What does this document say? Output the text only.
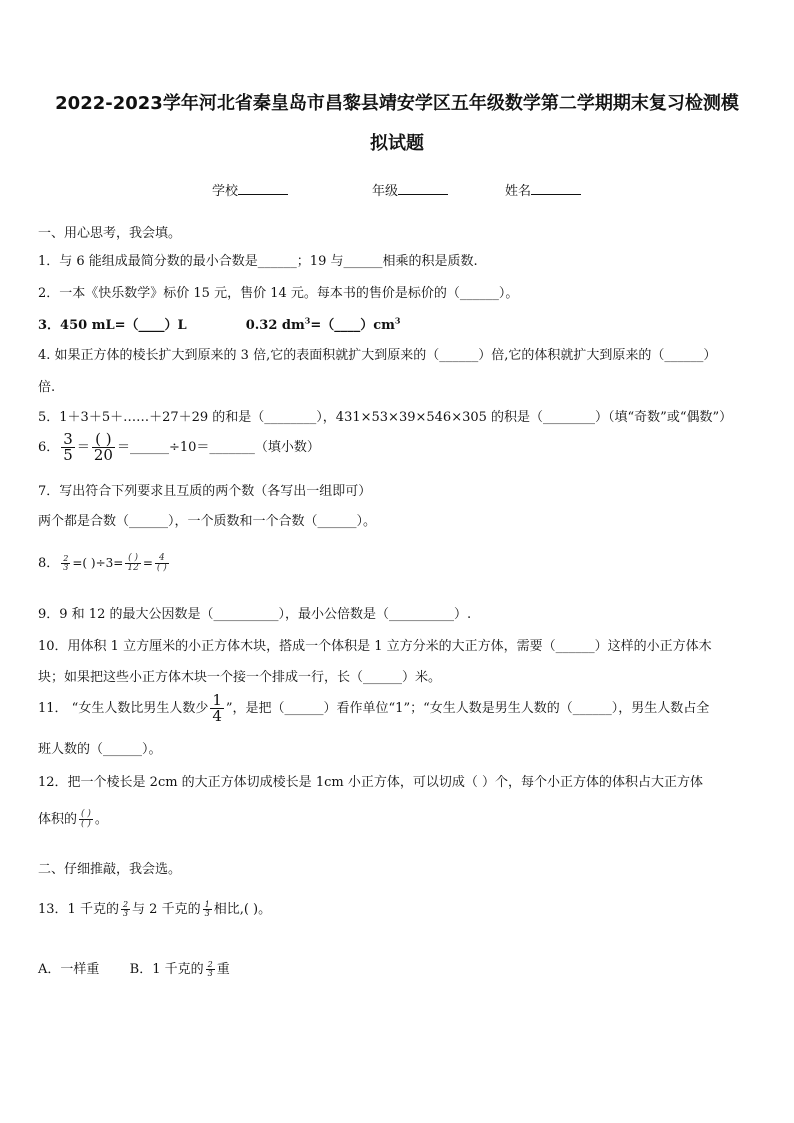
2022-2023学年河北省秦皇岛市昌黎县靖安学区五年级数学第二学期期末复习检测模
拟试题
学校	年级	姓名
一、用心思考，我会填。
1．与 6 能组成最简分数的最小合数是______；19 与______相乘的积是质数.
2．一本《快乐数学》标价 15 元，售价 14 元。每本书的售价是标价的（______）。
3．450 mL=（____）L	0.32 $dm^3=(\_\_\_\_)cm^3$
4. 如果正方体的棱长扩大到原来的 3 倍,它的表面积就扩大到原来的（______）倍,它的体积就扩大到原来的（______）
倍.
5．1＋3＋5＋……＋27＋29 的和是（________），431×53×39×546×305 的积是（________）（填“奇数”或“偶数”）
6． $\frac{3}{5} = \frac{( )}{20}$ ＝______÷10＝_______（填小数）
7．写出符合下列要求且互质的两个数（各写出一组即可）
两个都是合数（______），一个质数和一个合数（______）。
8． $\frac{2}{3}$ =( )$\div 3= \frac{( )}{12} = \frac{4}{( )}$
9．9 和 12 的最大公因数是（__________），最小公倍数是（__________）.
10．用体积 1 立方厘米的小正方体木块，搭成一个体积是 1 立方分米的大正方体，需要（______）这样的小正方体木
块；如果把这些小正方体木块一个接一个排成一行，长（______）米。
11． “女生人数比男生人数少 $\frac{1}{4}$ ”，是把（______）看作单位“1”；“女生人数是男生人数的（______），男生人数占全
班人数的（______）。
12．把一个棱长是 2cm 的大正方体切成棱长是 1cm 小正方体，可以切成（ ）个，每个小正方体的体积占大正方体
体积的 $\frac{( )}{( )}$ 。
二、仔细推敲，我会选。
13．1 千克的 $\frac{2}{3}$ 与 2 千克的 $\frac{1}{3}$ 相比,( )。
A．一样重 B．1 千克的 $\frac{2}{3}$ 重
